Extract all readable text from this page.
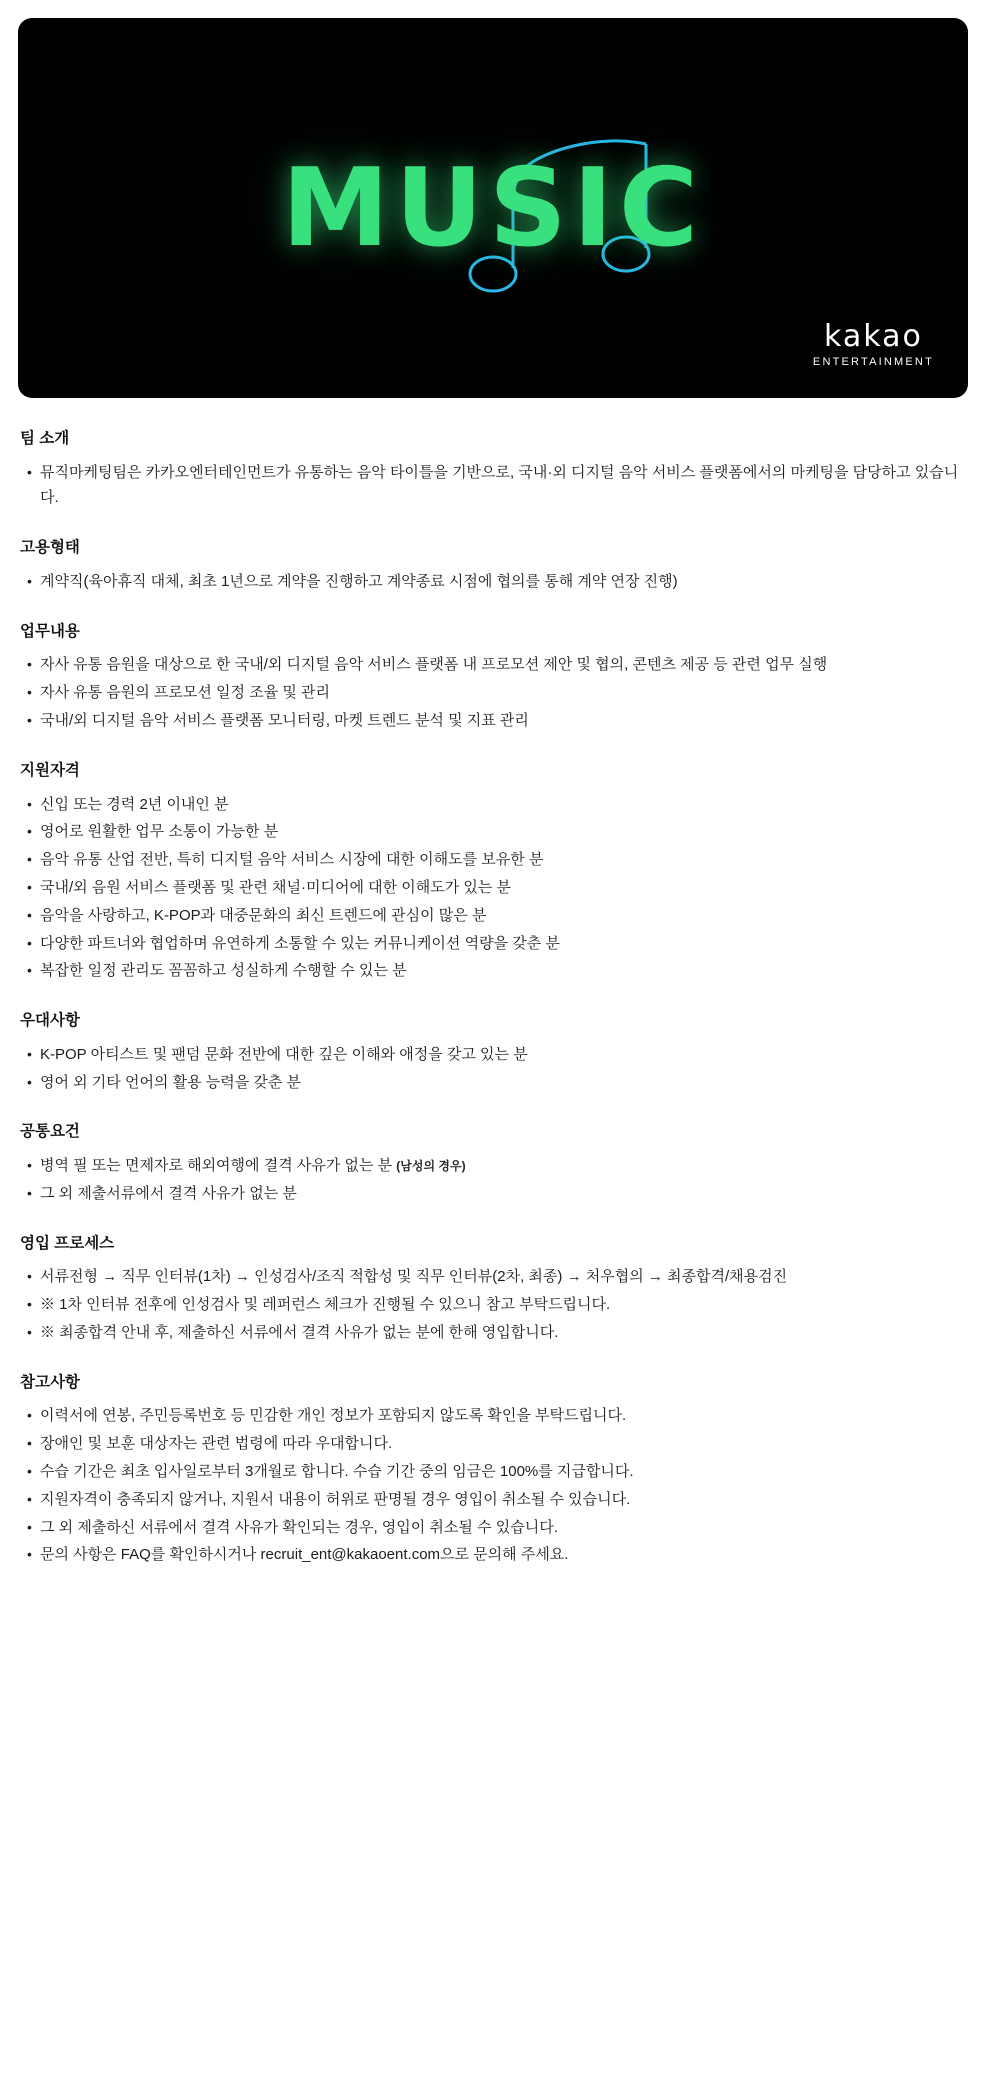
MUSIC
kakao
ENTERTAINMENT
팀 소개
• 뮤직마케팅팀은 카카오엔터테인먼트가 유통하는 음악 타이틀을 기반으로, 국내·외 디지털 음악 서비스 플랫폼에서의 마케팅을 담당하고 있습니다.
고용형태
• 계약직(육아휴직 대체, 최초 1년으로 계약을 진행하고 계약종료 시점에 협의를 통해 계약 연장 진행)
업무내용
• 자사 유통 음원을 대상으로 한 국내/외 디지털 음악 서비스 플랫폼 내 프로모션 제안 및 협의, 콘텐츠 제공 등 관련 업무 실행
• 자사 유통 음원의 프로모션 일정 조율 및 관리
• 국내/외 디지털 음악 서비스 플랫폼 모니터링, 마켓 트렌드 분석 및 지표 관리
지원자격
• 신입 또는 경력 2년 이내인 분
• 영어로 원활한 업무 소통이 가능한 분
• 음악 유통 산업 전반, 특히 디지털 음악 서비스 시장에 대한 이해도를 보유한 분
• 국내/외 음원 서비스 플랫폼 및 관련 채널·미디어에 대한 이해도가 있는 분
• 음악을 사랑하고, K-POP과 대중문화의 최신 트렌드에 관심이 많은 분
• 다양한 파트너와 협업하며 유연하게 소통할 수 있는 커뮤니케이션 역량을 갖춘 분
• 복잡한 일정 관리도 꼼꼼하고 성실하게 수행할 수 있는 분
우대사항
• K-POP 아티스트 및 팬덤 문화 전반에 대한 깊은 이해와 애정을 갖고 있는 분
• 영어 외 기타 언어의 활용 능력을 갖춘 분
공통요건
• 병역 필 또는 면제자로 해외여행에 결격 사유가 없는 분 (남성의 경우)
• 그 외 제출서류에서 결격 사유가 없는 분
영입 프로세스
• 서류전형 → 직무 인터뷰(1차) → 인성검사/조직 적합성 및 직무 인터뷰(2차, 최종) → 처우협의 → 최종합격/채용검진
• ※ 1차 인터뷰 전후에 인성검사 및 레퍼런스 체크가 진행될 수 있으니 참고 부탁드립니다.
• ※ 최종합격 안내 후, 제출하신 서류에서 결격 사유가 없는 분에 한해 영입합니다.
참고사항
• 이력서에 연봉, 주민등록번호 등 민감한 개인 정보가 포함되지 않도록 확인을 부탁드립니다.
• 장애인 및 보훈 대상자는 관련 법령에 따라 우대합니다.
• 수습 기간은 최초 입사일로부터 3개월로 합니다. 수습 기간 중의 임금은 100%를 지급합니다.
• 지원자격이 충족되지 않거나, 지원서 내용이 허위로 판명될 경우 영입이 취소될 수 있습니다.
• 그 외 제출하신 서류에서 결격 사유가 확인되는 경우, 영입이 취소될 수 있습니다.
• 문의 사항은 FAQ를 확인하시거나 recruit_ent@kakaoent.com으로 문의해 주세요.
